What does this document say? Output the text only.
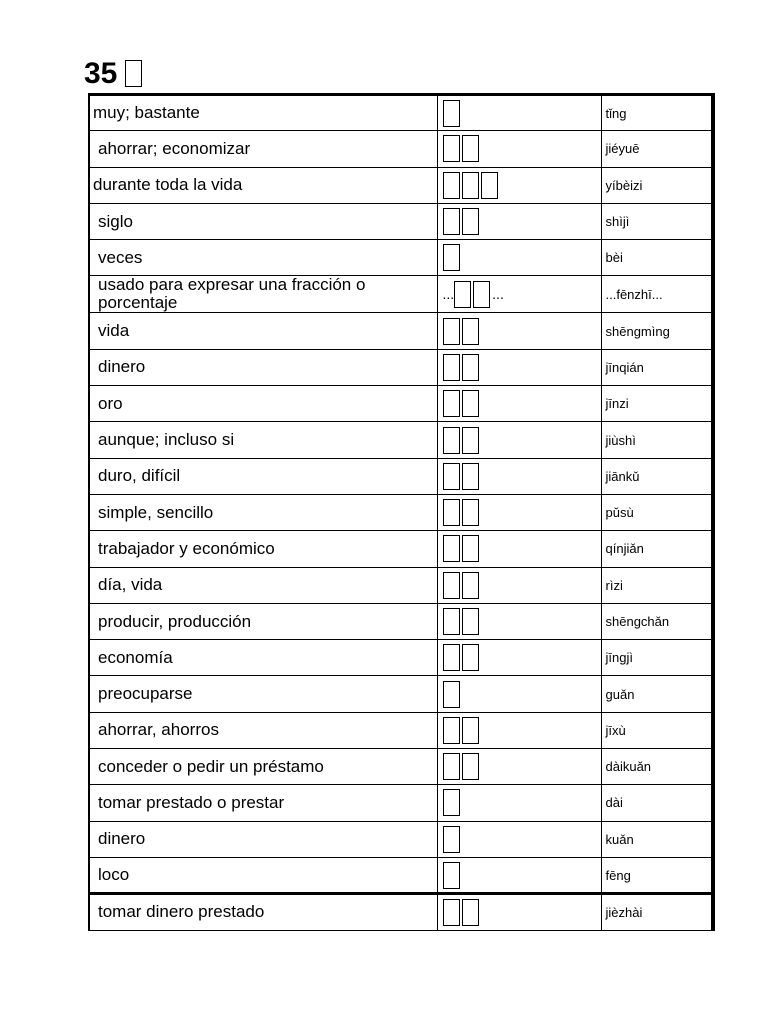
35
muy; bastante		tǐng
ahorrar; economizar		jiéyuē
durante toda la vida		yíbèizi
siglo		shìjì
veces		bèi
usado para expresar una fracción o porcentaje	... ...	...fēnzhī...
vida		shēngmìng
dinero		jīnqián
oro		jīnzi
aunque; incluso si		jiùshì
duro, difícil		jiānkǔ
simple, sencillo		pǔsù
trabajador y económico		qínjiǎn
día, vida		rìzi
producir, producción		shēngchǎn
economía		jīngjì
preocuparse		guǎn
ahorrar, ahorros		jīxù
conceder o pedir un préstamo		dàikuǎn
tomar prestado o prestar		dài
dinero		kuǎn
loco		fēng
tomar dinero prestado		jièzhài
